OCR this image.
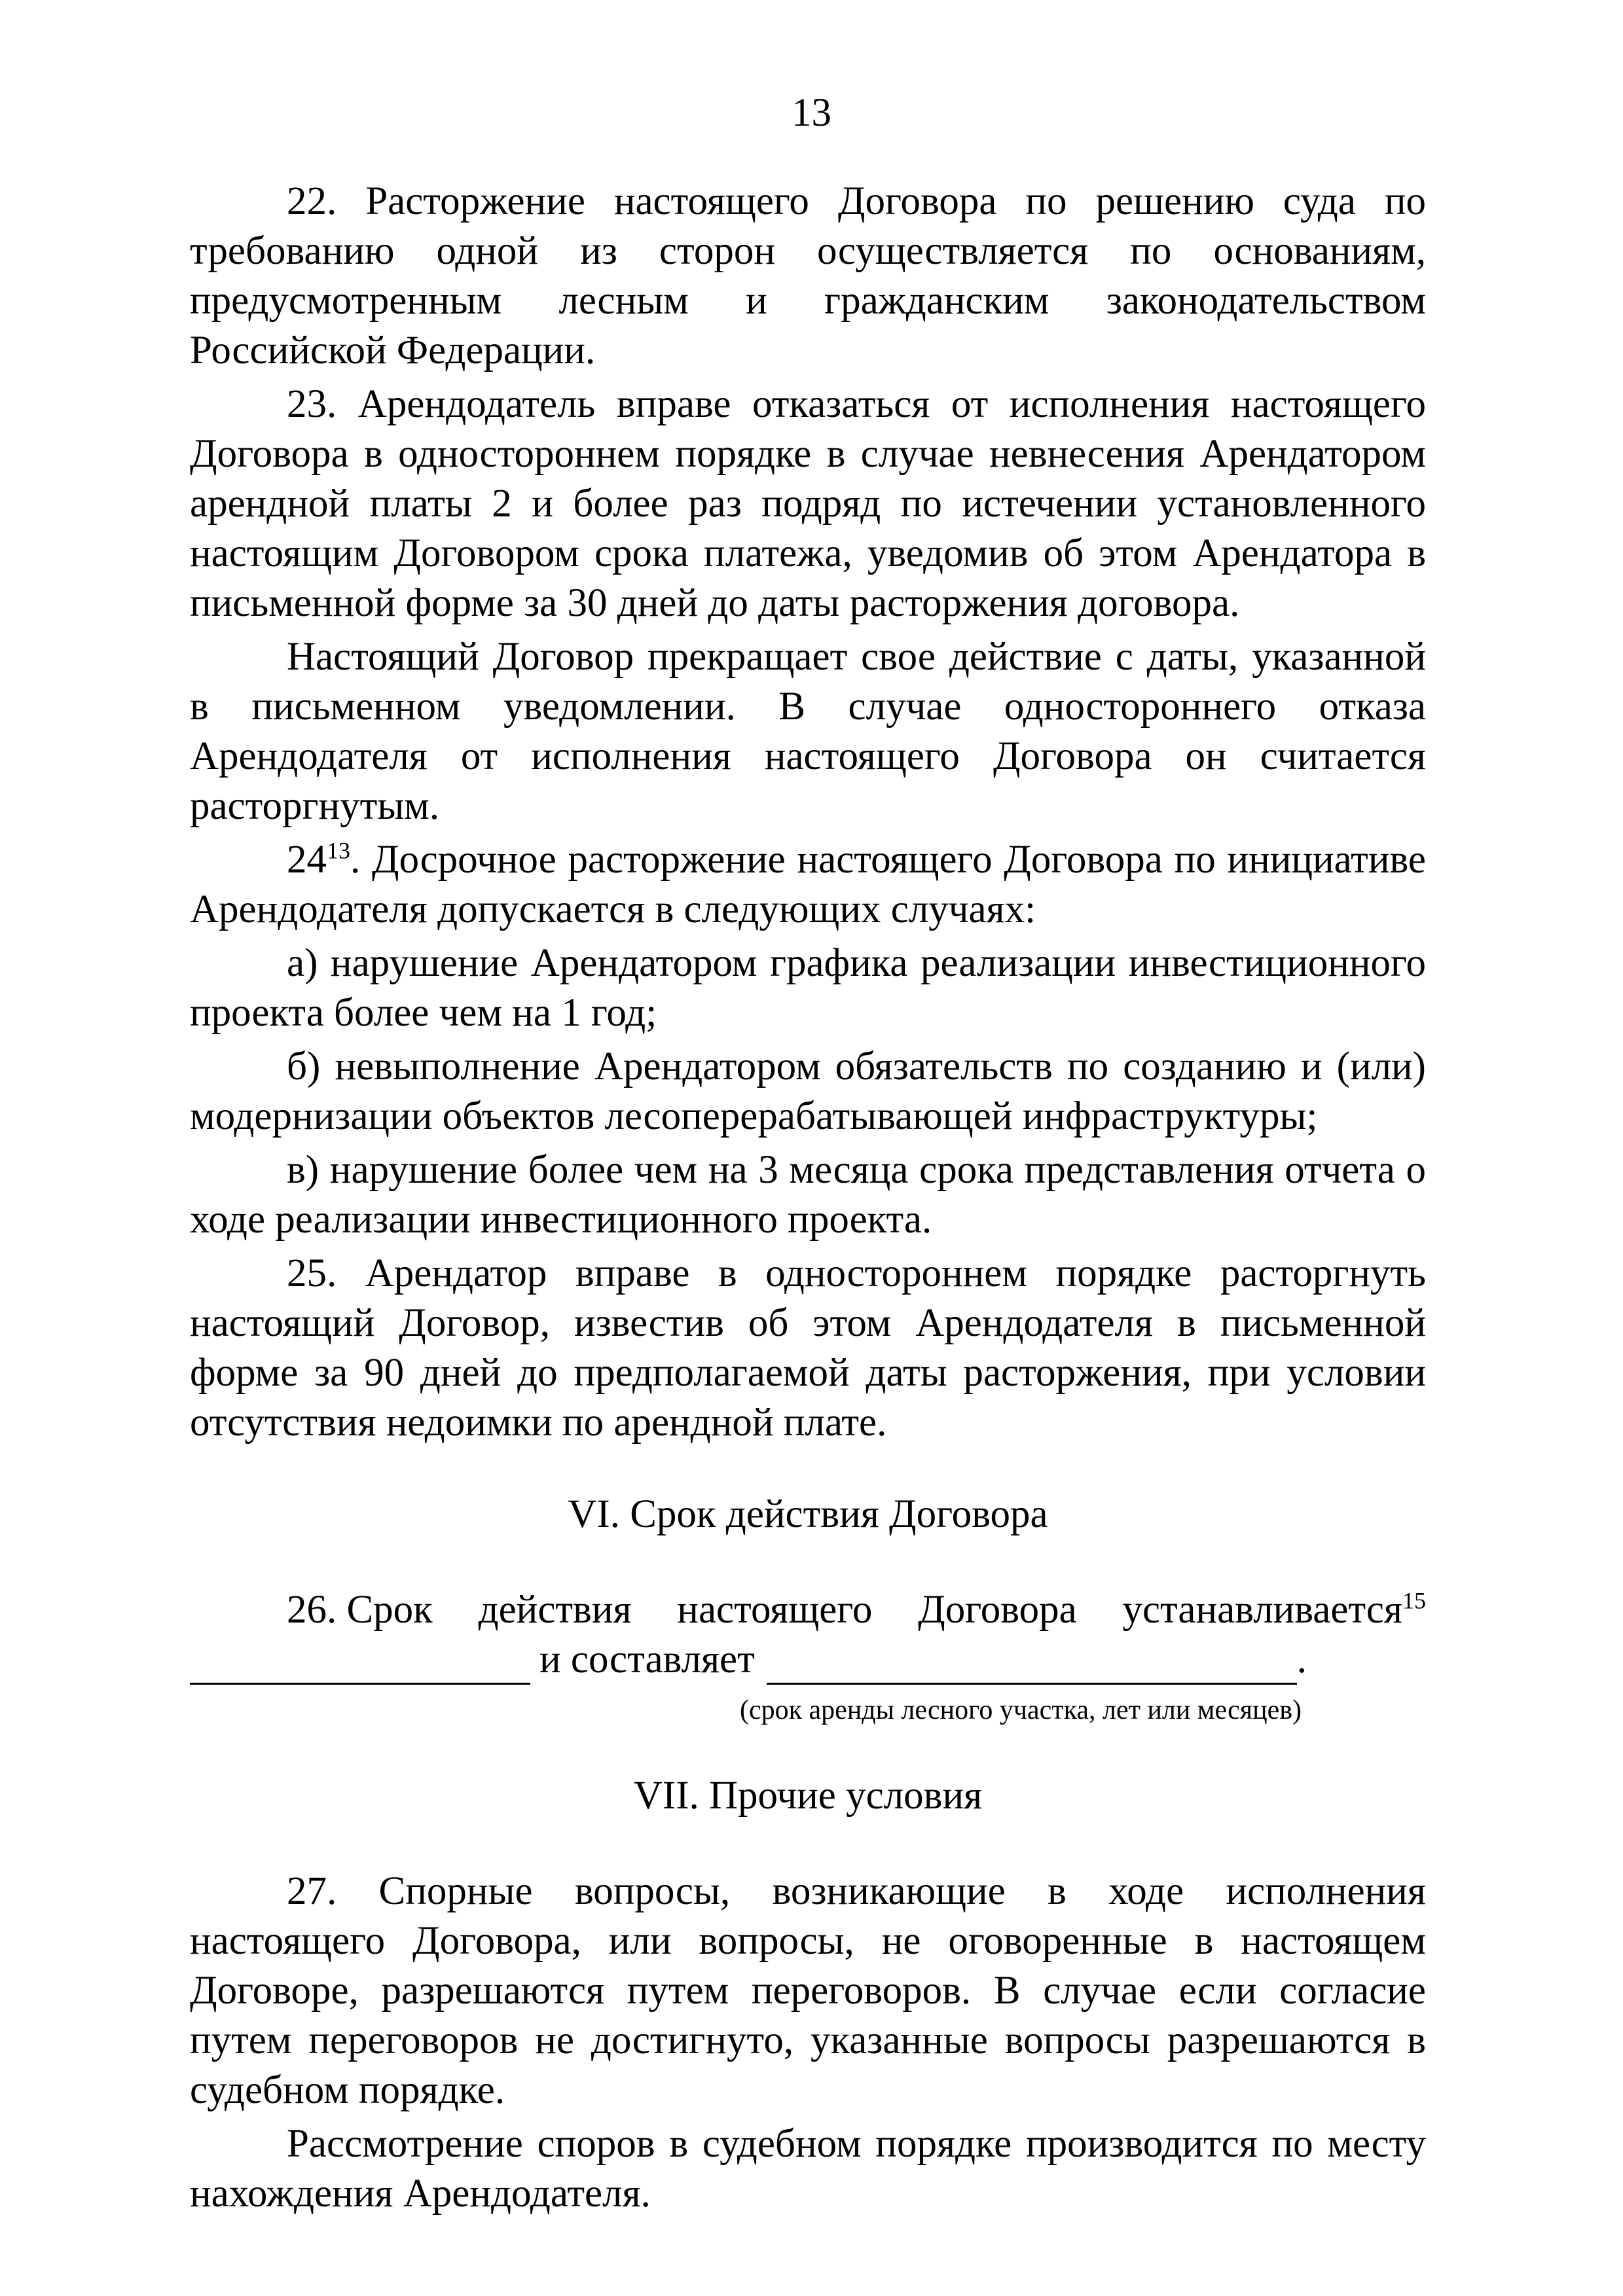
13

22. Расторжение настоящего Договора по решению суда по требованию одной из сторон осуществляется по основаниям, предусмотренным лесным и гражданским законодательством Российской Федерации.

23. Арендодатель вправе отказаться от исполнения настоящего Договора в одностороннем порядке в случае невнесения Арендатором арендной платы 2 и более раз подряд по истечении установленного настоящим Договором срока платежа, уведомив об этом Арендатора в письменной форме за 30 дней до даты расторжения договора.

Настоящий Договор прекращает свое действие с даты, указанной в письменном уведомлении. В случае одностороннего отказа Арендодателя от исполнения настоящего Договора он считается расторгнутым.

$24^{13}$. Досрочное расторжение настоящего Договора по инициативе Арендодателя допускается в следующих случаях:

а) нарушение Арендатором графика реализации инвестиционного проекта более чем на 1 год;

б) невыполнение Арендатором обязательств по созданию и (или) модернизации объектов лесоперерабатывающей инфраструктуры;

в) нарушение более чем на 3 месяца срока представления отчета о ходе реализации инвестиционного проекта.

25. Арендатор вправе в одностороннем порядке расторгнуть настоящий Договор, известив об этом Арендодателя в письменной форме за 90 дней до предполагаемой даты расторжения, при условии отсутствия недоимки по арендной плате.

VI. Срок действия Договора
26. Срок действия настоящего Договора устанавливается$^{15}$
и составляет	.
(срок аренды лесного участка, лет или месяцев)
VII. Прочие условия

27. Спорные вопросы, возникающие в ходе исполнения настоящего Договора, или вопросы, не оговоренные в настоящем Договоре, разрешаются путем переговоров. В случае если согласие путем переговоров не достигнуто, указанные вопросы разрешаются в судебном порядке.

Рассмотрение споров в судебном порядке производится по месту нахождения Арендодателя.
